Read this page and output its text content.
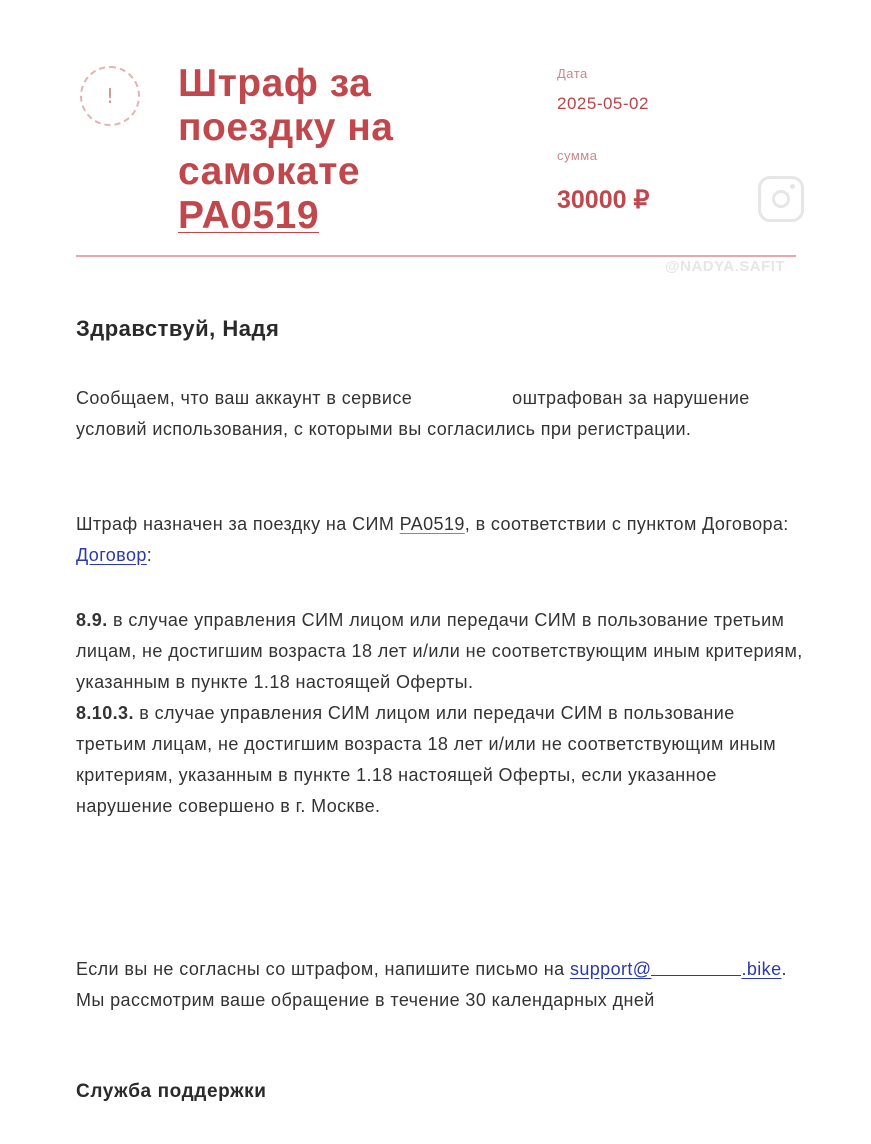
! Штраф за
поездку на
самокате
PA0519
Дата
2025-05-02
сумма
30000 ₽
@NADYA.SAFIT
Здравствуй, Надя

Сообщаем, что ваш аккаунт в сервисе	оштрафован за нарушение условий использования, с которыми вы согласились при регистрации.

Штраф назначен за поездку на СИМ PA0519, в соответствии с пунктом Договора: Договор:

8.9. в случае управления СИМ лицом или передачи СИМ в пользование третьим лицам, не достигшим возраста 18 лет и/или не соответствующим иным критериям, указанным в пункте 1.18 настоящей Оферты.
8.10.3. в случае управления СИМ лицом или передачи СИМ в пользование третьим лицам, не достигшим возраста 18 лет и/или не соответствующим иным критериям, указанным в пункте 1.18 настоящей Оферты, если указанное нарушение совершено в г. Москве.

Если вы не согласны со штрафом, напишите письмо на support@	.bike. Мы рассмотрим ваше обращение в течение 30 календарных дней

Служба поддержки
